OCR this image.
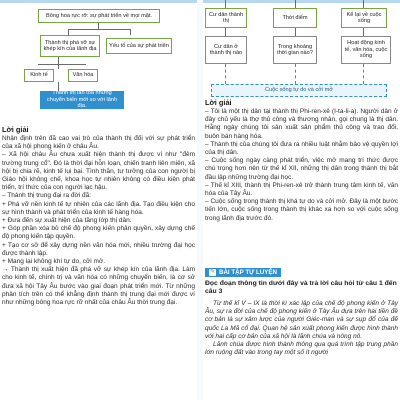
Bông hoa rực rỡ: sự phát triển về mọi mặt.
Thành thị phá vỡ sự khép kín của lãnh địa
Yếu tố của sự phát triển
Kinh tế	Văn hóa
Thành thị lan tỏa những chuyển biến mới so với lãnh địa.
Cư dân thành thị
Thời điểm
Kể lại về cuộc sống
Cư dân ở thành thị nào
Trong khoảng thời gian nào?
Hoạt động kinh tế, văn hóa, cuộc sống
Cuộc sống tự do và cởi mở
Lời giải

Nhận định trên đã cao vai trò của thành thị đối với sự phát triển của xã hội phong kiến ở châu Âu.

– Xã hội châu Âu chưa xuất hiện thành thị được ví như "đêm trường trung cổ". Đó là thời đại hỗn loạn, chiến tranh liên miên, xã hội bị chia rẽ, kinh tế lụi bại. Tình thần, tư tưởng của con người bị Giáo hội không chế, khoa học tự nhiên không có điều kiện phát triển, trí thức của con người lạc hậu.

– Thành thị trung đại ra đời đã:

+ Phá vỡ nền kinh tế tự nhiên của các lãnh địa. Tạo điều kiện cho sự hình thành và phát triển của kinh tế hàng hóa.

+ Đưa đến sự xuất hiện của tầng lớp thị dân.

+ Góp phần xóa bỏ chế độ phong kiến phân quyền, xây dựng chế độ phong kiến tập quyền.

+ Tạo cơ sở để xây dựng nền văn hóa mới, nhiều trường đại học được thành lập.

+ Mang lại không khí tự do, cởi mở.

→ Thành thị xuất hiện đã phá vỡ sự khép kín của lãnh địa. Làm cho kinh tế, chính trị và văn hóa có những chuyển biến, là cơ sở đưa xã hội Tây Âu bước vào giai đoạn phát triển mới. Từ những phân tích trên có thể khẳng định thành thị trung đại mới được ví như những bông hoa rực rỡ nhất của châu Âu thời trung đại.

Lời giải

– Tôi là một thị dân tại thành thị Phi-ren-xê (I-ta-li-a). Người dân ở đây chủ yếu là thợ thủ công và thương nhân, gọi chung là thị dân. Hằng ngày chúng tôi sản xuất sản phẩm thủ công và trao đổi, buôn bán hàng hóa.

– Thành thị của chúng tôi đưa ra nhiều luật nhằm bảo vệ quyền lợi của thị dân.

– Cuộc sống ngày càng phát triển, việc mở mang trí thức được chú trọng hơn nên từ thế kỉ XII, những thị dân trong thành thị bắt đầu lập những trường đại học.

– Thế kỉ XIII, thành thị Phi-ren-xê trở thành trung tâm kinh tế, văn hóa của Tây Âu.

– Cuộc sống trong thành thị khá tự do và cởi mở. Đây là một bước tiến lớn, cuộc sống trong thành thị khác xa hơn so với cuộc sống trong lãnh địa trước đó.

✎ BÀI TẬP TỰ LUYỆN
Đọc đoạn thông tin dưới đây và trả lời câu hỏi từ câu 1 đến câu 3

Từ thế kỉ V – IX là thời kì xác lập của chế độ phong kiến ở Tây Âu, sự ra đời của chế độ phong kiến ở Tây Âu dựa trên hai tiền đề cơ bản là sự xâm lược của người Giéc-man và sự sụp đổ của đế quốc La Mã cổ đại. Quan hệ sản xuất phong kiến được hình thành với hai cấp cơ bản của xã hội là lãnh chúa và nông nô.

Lãnh chúa được hình thành thông qua quá trình tập trung phần lớn ruộng đất vào trong tay một số ít người
